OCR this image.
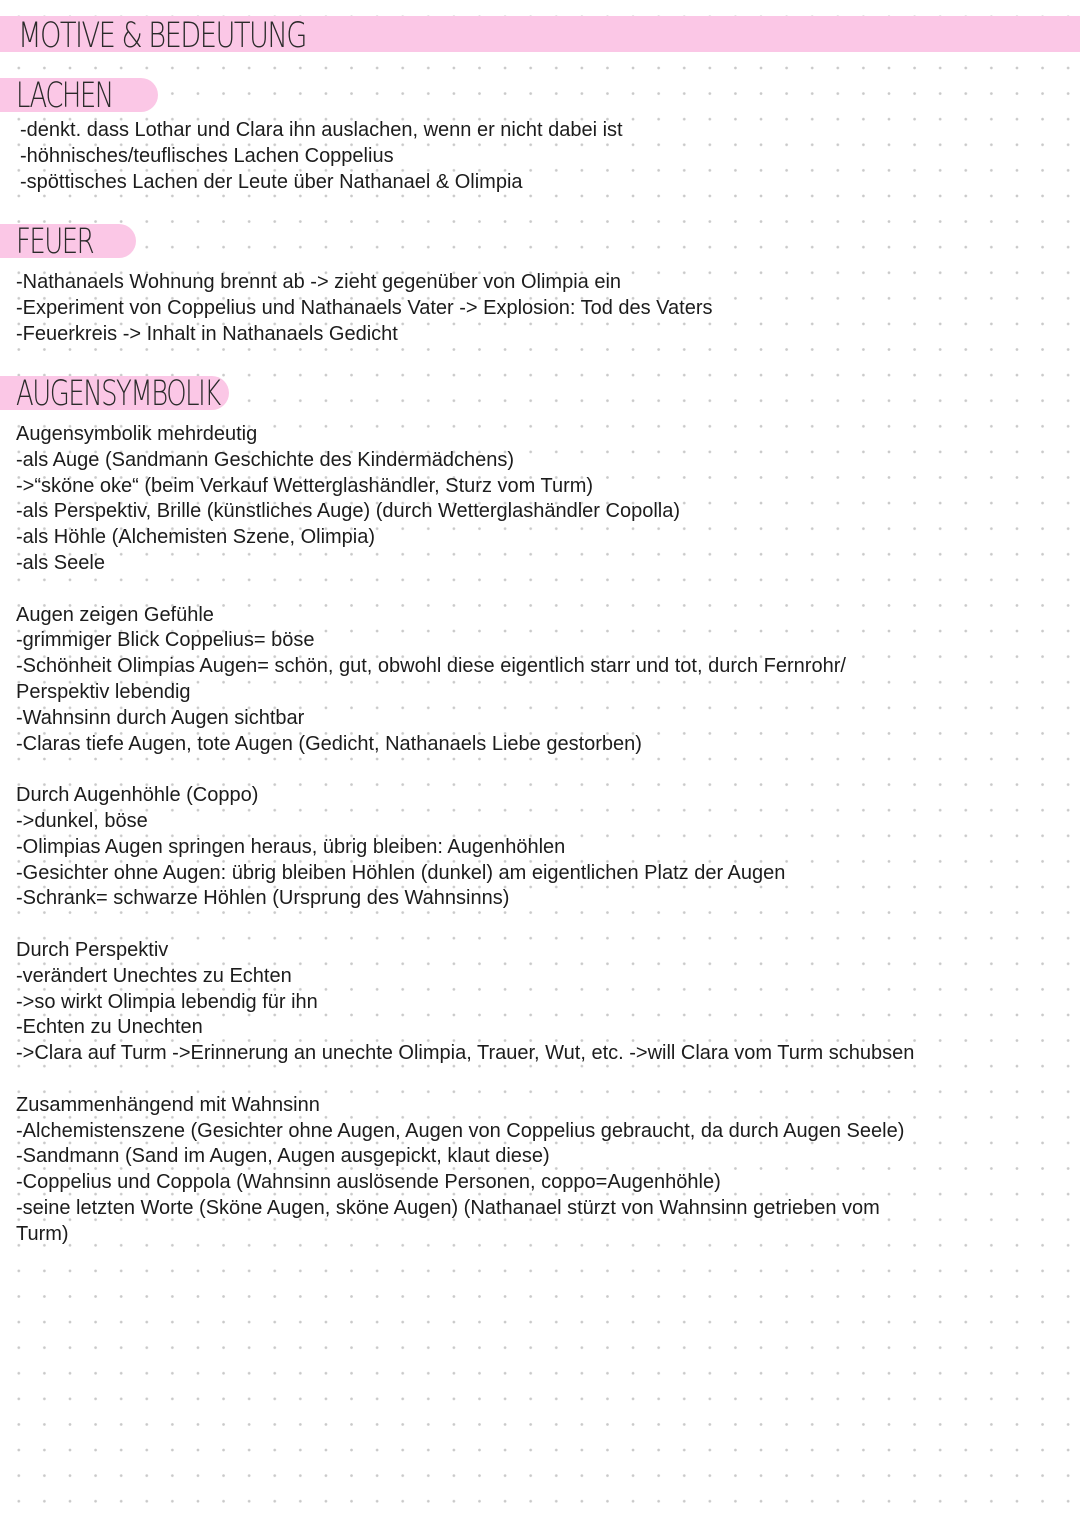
MOTIVE & BEDEUTUNG
LACHEN
-denkt. dass Lothar und Clara ihn auslachen, wenn er nicht dabei ist
-höhnisches/teuflisches Lachen Coppelius
-spöttisches Lachen der Leute über Nathanael & Olimpia
FEUER
-Nathanaels Wohnung brennt ab -> zieht gegenüber von Olimpia ein
-Experiment von Coppelius und Nathanaels Vater -> Explosion: Tod des Vaters
-Feuerkreis -> Inhalt in Nathanaels Gedicht
AUGENSYMBOLIK
Augensymbolik mehrdeutig
-als Auge (Sandmann Geschichte des Kindermädchens)
->“sköne oke“ (beim Verkauf Wetterglashändler, Sturz vom Turm)
-als Perspektiv, Brille (künstliches Auge) (durch Wetterglashändler Copolla)
-als Höhle (Alchemisten Szene, Olimpia)
-als Seele
Augen zeigen Gefühle
-grimmiger Blick Coppelius= böse
-Schönheit Olimpias Augen= schön, gut, obwohl diese eigentlich starr und tot, durch Fernrohr/
Perspektiv lebendig
-Wahnsinn durch Augen sichtbar
-Claras tiefe Augen, tote Augen (Gedicht, Nathanaels Liebe gestorben)
Durch Augenhöhle (Coppo)
->dunkel, böse
-Olimpias Augen springen heraus, übrig bleiben: Augenhöhlen
-Gesichter ohne Augen: übrig bleiben Höhlen (dunkel) am eigentlichen Platz der Augen
-Schrank= schwarze Höhlen (Ursprung des Wahnsinns)
Durch Perspektiv
-verändert Unechtes zu Echten
->so wirkt Olimpia lebendig für ihn
-Echten zu Unechten
->Clara auf Turm ->Erinnerung an unechte Olimpia, Trauer, Wut, etc. ->will Clara vom Turm schubsen
Zusammenhängend mit Wahnsinn
-Alchemistenszene (Gesichter ohne Augen, Augen von Coppelius gebraucht, da durch Augen Seele)
-Sandmann (Sand im Augen, Augen ausgepickt, klaut diese)
-Coppelius und Coppola (Wahnsinn auslösende Personen, coppo=Augenhöhle)
-seine letzten Worte (Sköne Augen, sköne Augen) (Nathanael stürzt von Wahnsinn getrieben vom
Turm)
